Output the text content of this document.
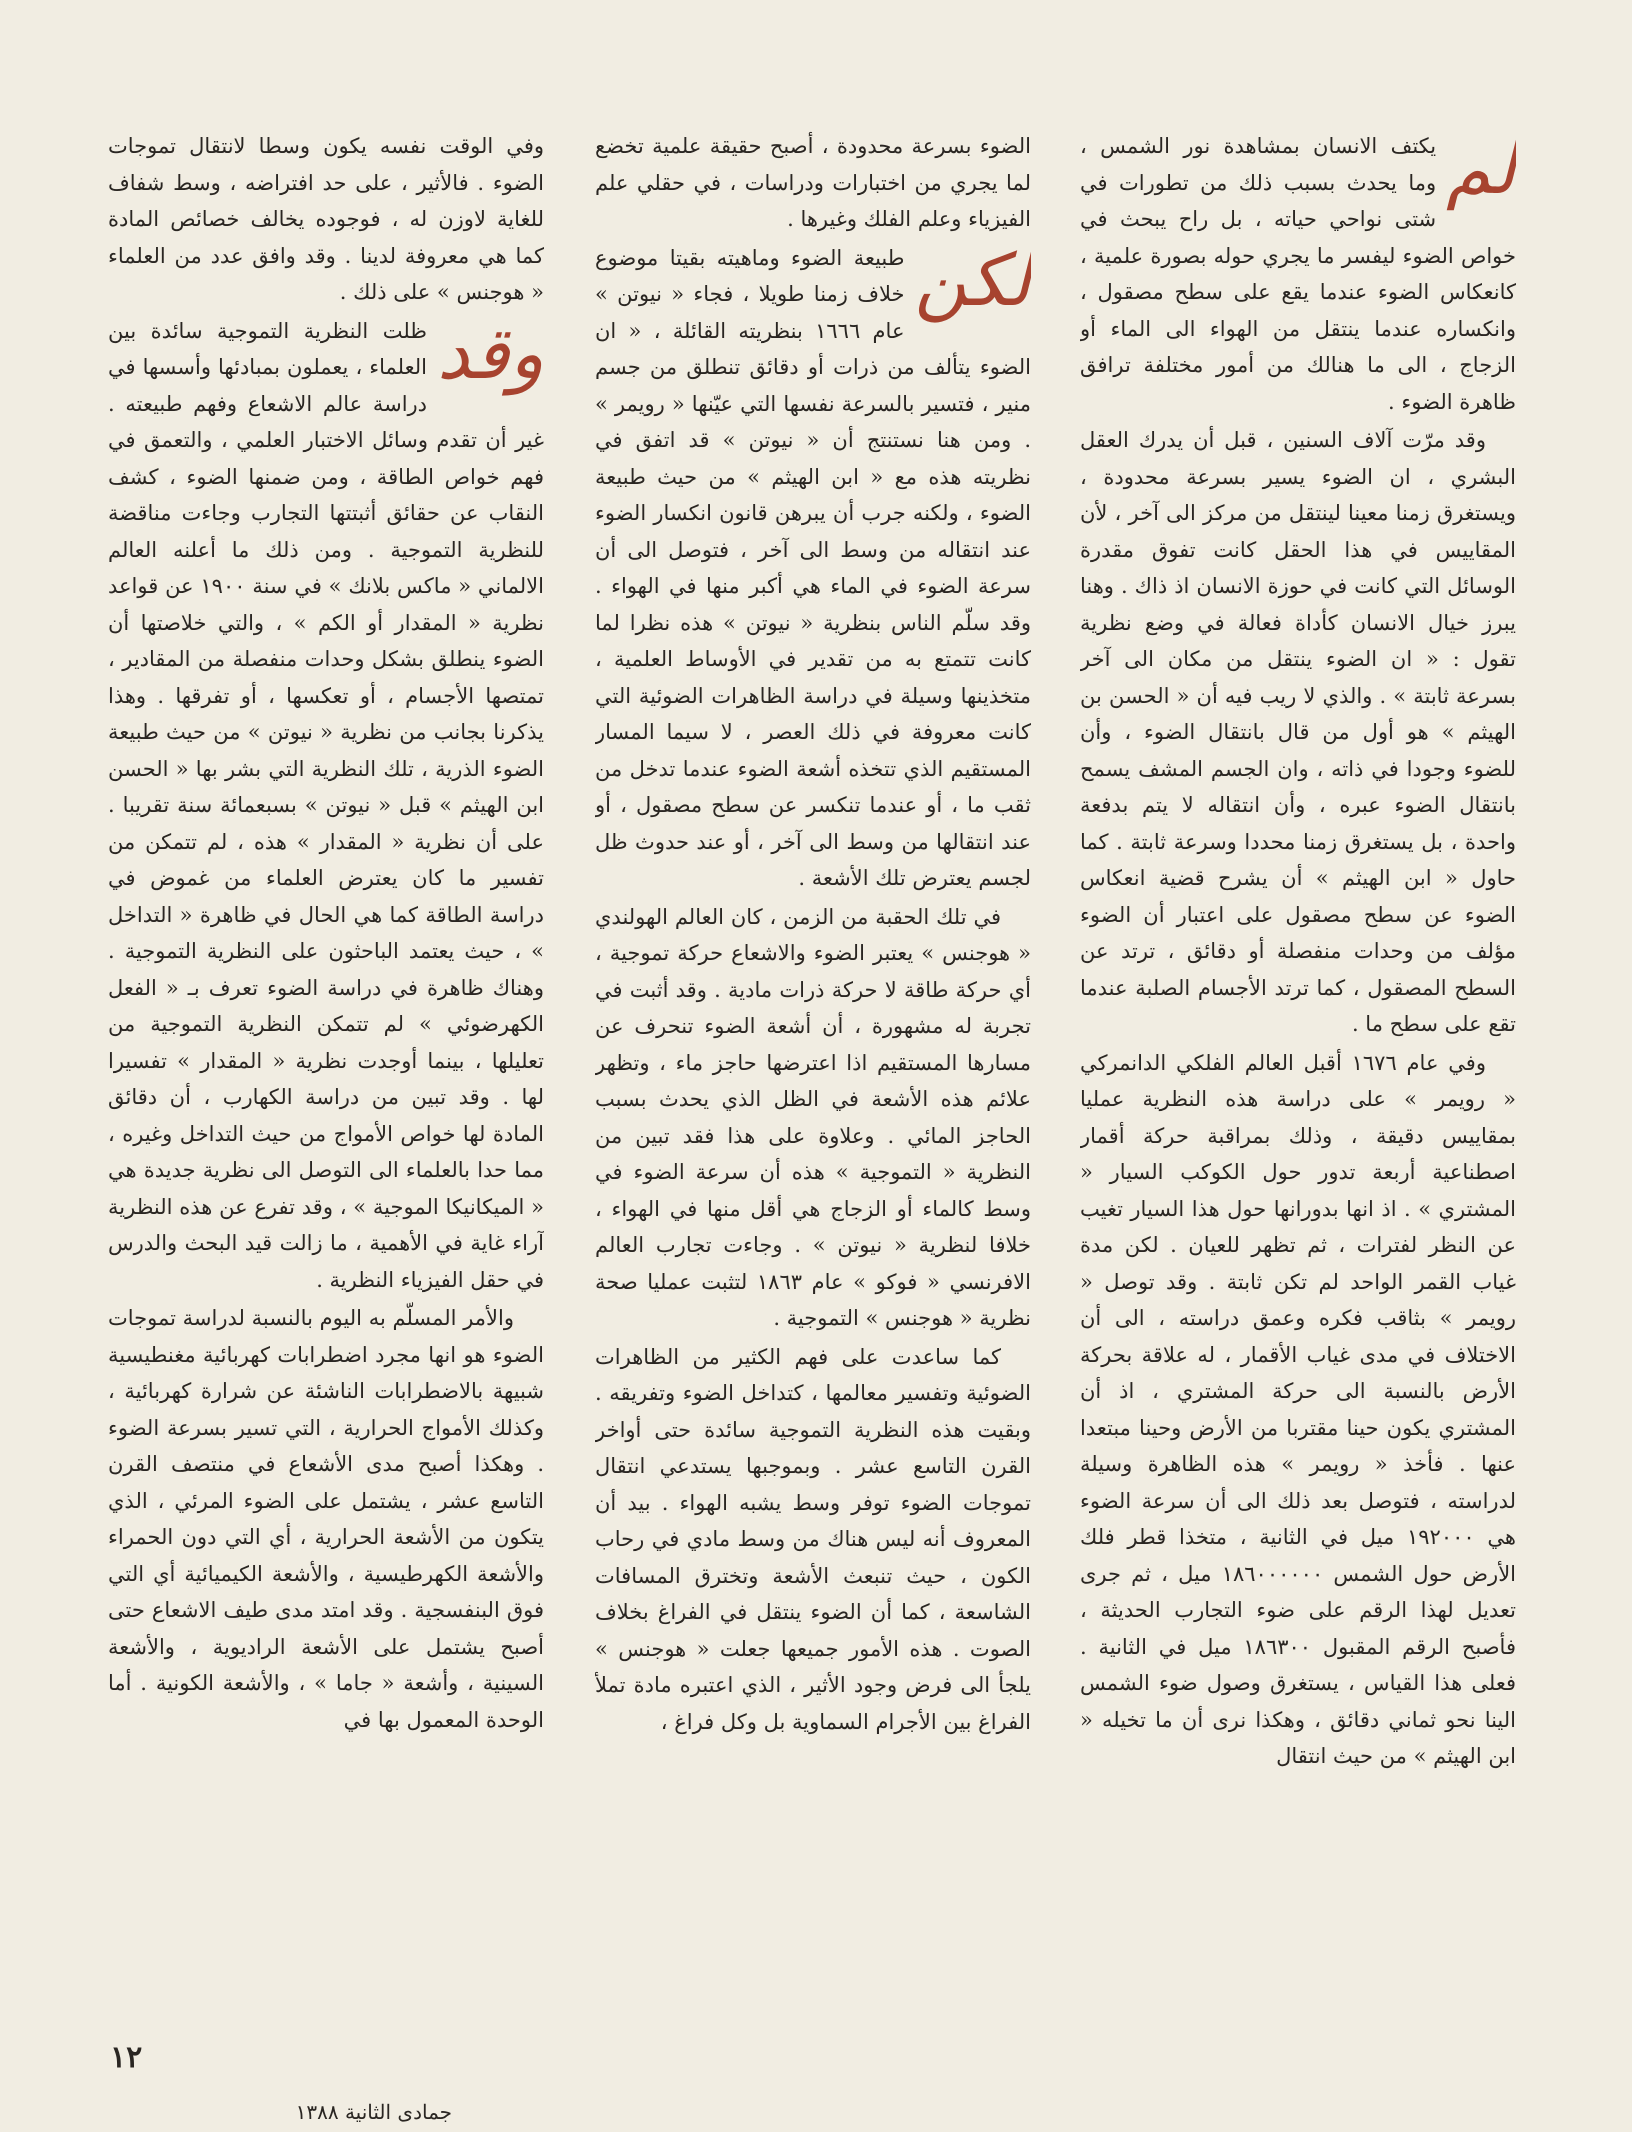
لم
يكتف الانسان بمشاهدة نور الشمس ، وما يحدث بسبب ذلك من تطورات في شتى نواحي حياته ، بل راح يبحث في خواص الضوء ليفسر ما يجري حوله بصورة علمية ، كانعكاس الضوء عندما يقع على سطح مصقول ، وانكساره عندما ينتقل من الهواء الى الماء أو الزجاج ، الى ما هنالك من أمور مختلفة ترافق ظاهرة الضوء .

وقد مرّت آلاف السنين ، قبل أن يدرك العقل البشري ، ان الضوء يسير بسرعة محدودة ، ويستغرق زمنا معينا لينتقل من مركز الى آخر ، لأن المقاييس في هذا الحقل كانت تفوق مقدرة الوسائل التي كانت في حوزة الانسان اذ ذاك . وهنا يبرز خيال الانسان كأداة فعالة في وضع نظرية تقول : « ان الضوء ينتقل من مكان الى آخر بسرعة ثابتة » . والذي لا ريب فيه أن « الحسن بن الهيثم » هو أول من قال بانتقال الضوء ، وأن للضوء وجودا في ذاته ، وان الجسم المشف يسمح بانتقال الضوء عبره ، وأن انتقاله لا يتم بدفعة واحدة ، بل يستغرق زمنا محددا وسرعة ثابتة . كما حاول « ابن الهيثم » أن يشرح قضية انعكاس الضوء عن سطح مصقول على اعتبار أن الضوء مؤلف من وحدات منفصلة أو دقائق ، ترتد عن السطح المصقول ، كما ترتد الأجسام الصلبة عندما تقع على سطح ما .

وفي عام ١٦٧٦ أقبل العالم الفلكي الدانمركي « رويمر » على دراسة هذه النظرية عمليا بمقاييس دقيقة ، وذلك بمراقبة حركة أقمار اصطناعية أربعة تدور حول الكوكب السيار « المشتري » . اذ انها بدورانها حول هذا السيار تغيب عن النظر لفترات ، ثم تظهر للعيان . لكن مدة غياب القمر الواحد لم تكن ثابتة . وقد توصل « رويمر » بثاقب فكره وعمق دراسته ، الى أن الاختلاف في مدى غياب الأقمار ، له علاقة بحركة الأرض بالنسبة الى حركة المشتري ، اذ أن المشتري يكون حينا مقتربا من الأرض وحينا مبتعدا عنها . فأخذ « رويمر » هذه الظاهرة وسيلة لدراسته ، فتوصل بعد ذلك الى أن سرعة الضوء هي ١٩٢٠٠٠ ميل في الثانية ، متخذا قطر فلك الأرض حول الشمس ١٨٦٠٠٠٠٠٠ ميل ، ثم جرى تعديل لهذا الرقم على ضوء التجارب الحديثة ، فأصبح الرقم المقبول ١٨٦٣٠٠ ميل في الثانية . فعلى هذا القياس ، يستغرق وصول ضوء الشمس الينا نحو ثماني دقائق ، وهكذا نرى أن ما تخيله « ابن الهيثم » من حيث انتقال

الضوء بسرعة محدودة ، أصبح حقيقة علمية تخضع لما يجري من اختبارات ودراسات ، في حقلي علم الفيزياء وعلم الفلك وغيرها .

لكن
طبيعة الضوء وماهيته بقيتا موضوع خلاف زمنا طويلا ، فجاء « نيوتن » عام ١٦٦٦ بنظريته القائلة ، « ان الضوء يتألف من ذرات أو دقائق تنطلق من جسم منير ، فتسير بالسرعة نفسها التي عيّنها « رويمر » . ومن هنا نستنتج أن « نيوتن » قد اتفق في نظريته هذه مع « ابن الهيثم » من حيث طبيعة الضوء ، ولكنه جرب أن يبرهن قانون انكسار الضوء عند انتقاله من وسط الى آخر ، فتوصل الى أن سرعة الضوء في الماء هي أكبر منها في الهواء . وقد سلّم الناس بنظرية « نيوتن » هذه نظرا لما كانت تتمتع به من تقدير في الأوساط العلمية ، متخذينها وسيلة في دراسة الظاهرات الضوئية التي كانت معروفة في ذلك العصر ، لا سيما المسار المستقيم الذي تتخذه أشعة الضوء عندما تدخل من ثقب ما ، أو عندما تنكسر عن سطح مصقول ، أو عند انتقالها من وسط الى آخر ، أو عند حدوث ظل لجسم يعترض تلك الأشعة .

في تلك الحقبة من الزمن ، كان العالم الهولندي « هوجنس » يعتبر الضوء والاشعاع حركة تموجية ، أي حركة طاقة لا حركة ذرات مادية . وقد أثبت في تجربة له مشهورة ، أن أشعة الضوء تنحرف عن مسارها المستقيم اذا اعترضها حاجز ماء ، وتظهر علائم هذه الأشعة في الظل الذي يحدث بسبب الحاجز المائي . وعلاوة على هذا فقد تبين من النظرية « التموجية » هذه أن سرعة الضوء في وسط كالماء أو الزجاج هي أقل منها في الهواء ، خلافا لنظرية « نيوتن » . وجاءت تجارب العالم الافرنسي « فوكو » عام ١٨٦٣ لتثبت عمليا صحة نظرية « هوجنس » التموجية .

كما ساعدت على فهم الكثير من الظاهرات الضوئية وتفسير معالمها ، كتداخل الضوء وتفريقه . وبقيت هذه النظرية التموجية سائدة حتى أواخر القرن التاسع عشر . وبموجبها يستدعي انتقال تموجات الضوء توفر وسط يشبه الهواء . بيد أن المعروف أنه ليس هناك من وسط مادي في رحاب الكون ، حيث تنبعث الأشعة وتخترق المسافات الشاسعة ، كما أن الضوء ينتقل في الفراغ بخلاف الصوت . هذه الأمور جميعها جعلت « هوجنس » يلجأ الى فرض وجود الأثير ، الذي اعتبره مادة تملأ الفراغ بين الأجرام السماوية بل وكل فراغ ،

وفي الوقت نفسه يكون وسطا لانتقال تموجات الضوء . فالأثير ، على حد افتراضه ، وسط شفاف للغاية لاوزن له ، فوجوده يخالف خصائص المادة كما هي معروفة لدينا . وقد وافق عدد من العلماء « هوجنس » على ذلك .

وقد
ظلت النظرية التموجية سائدة بين العلماء ، يعملون بمبادئها وأسسها في دراسة عالم الاشعاع وفهم طبيعته . غير أن تقدم وسائل الاختبار العلمي ، والتعمق في فهم خواص الطاقة ، ومن ضمنها الضوء ، كشف النقاب عن حقائق أثبتتها التجارب وجاءت مناقضة للنظرية التموجية . ومن ذلك ما أعلنه العالم الالماني « ماكس بلانك » في سنة ١٩٠٠ عن قواعد نظرية « المقدار أو الكم » ، والتي خلاصتها أن الضوء ينطلق بشكل وحدات منفصلة من المقادير ، تمتصها الأجسام ، أو تعكسها ، أو تفرقها . وهذا يذكرنا بجانب من نظرية « نيوتن » من حيث طبيعة الضوء الذرية ، تلك النظرية التي بشر بها « الحسن ابن الهيثم » قبل « نيوتن » بسبعمائة سنة تقريبا . على أن نظرية « المقدار » هذه ، لم تتمكن من تفسير ما كان يعترض العلماء من غموض في دراسة الطاقة كما هي الحال في ظاهرة « التداخل » ، حيث يعتمد الباحثون على النظرية التموجية . وهناك ظاهرة في دراسة الضوء تعرف بـ « الفعل الكهرضوئي » لم تتمكن النظرية التموجية من تعليلها ، بينما أوجدت نظرية « المقدار » تفسيرا لها . وقد تبين من دراسة الكهارب ، أن دقائق المادة لها خواص الأمواج من حيث التداخل وغيره ، مما حدا بالعلماء الى التوصل الى نظرية جديدة هي « الميكانيكا الموجية » ، وقد تفرع عن هذه النظرية آراء غاية في الأهمية ، ما زالت قيد البحث والدرس في حقل الفيزياء النظرية .

والأمر المسلّم به اليوم بالنسبة لدراسة تموجات الضوء هو انها مجرد اضطرابات كهربائية مغنطيسية شبيهة بالاضطرابات الناشئة عن شرارة كهربائية ، وكذلك الأمواج الحرارية ، التي تسير بسرعة الضوء . وهكذا أصبح مدى الأشعاع في منتصف القرن التاسع عشر ، يشتمل على الضوء المرئي ، الذي يتكون من الأشعة الحرارية ، أي التي دون الحمراء والأشعة الكهرطيسية ، والأشعة الكيميائية أي التي فوق البنفسجية . وقد امتد مدى طيف الاشعاع حتى أصبح يشتمل على الأشعة الراديوية ، والأشعة السينية ، وأشعة « جاما » ، والأشعة الكونية . أما الوحدة المعمول بها في

١٢
جمادى الثانية ١٣٨٨
